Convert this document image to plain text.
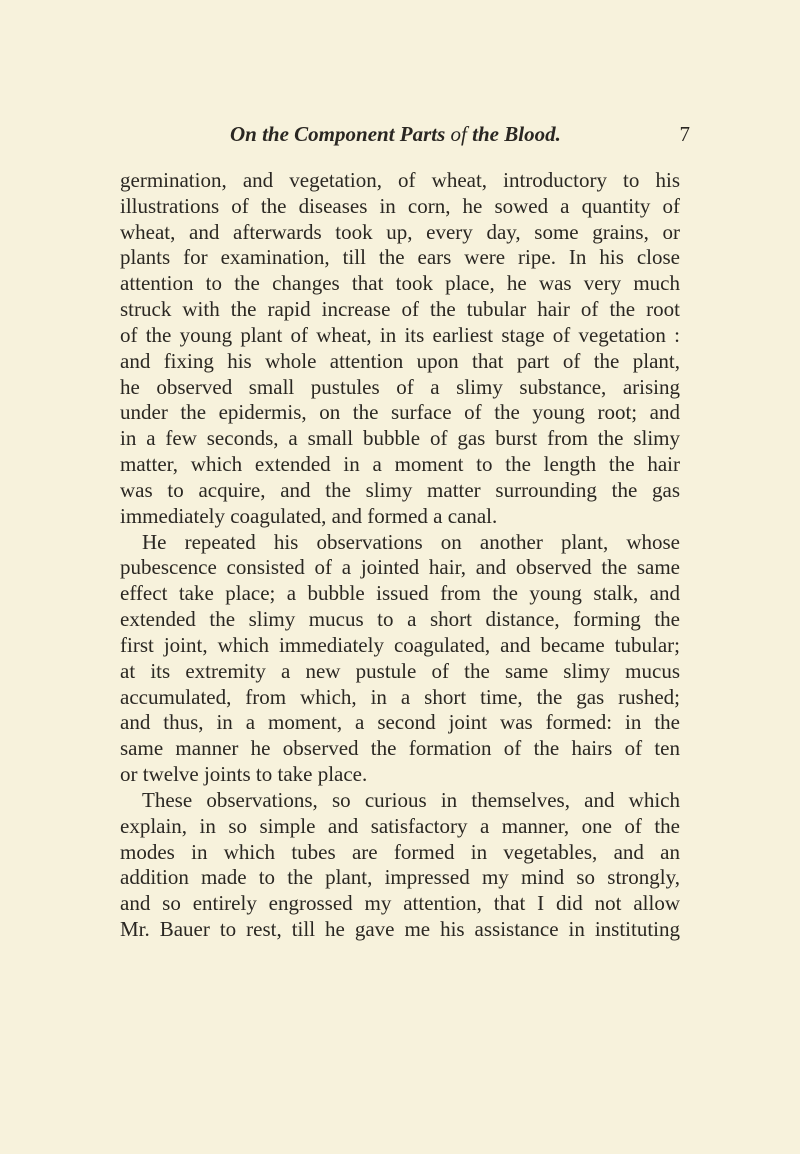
On the Component Parts of the Blood.	7
germination, and vegetation, of wheat, introductory to his
illustrations of the diseases in corn, he sowed a quantity of
wheat, and afterwards took up, every day, some grains, or
plants for examination, till the ears were ripe. In his close
attention to the changes that took place, he was very much
struck with the rapid increase of the tubular hair of the root
of the young plant of wheat, in its earliest stage of vegetation :
and fixing his whole attention upon that part of the plant,
he observed small pustules of a slimy substance, arising
under the epidermis, on the surface of the young root; and
in a few seconds, a small bubble of gas burst from the slimy
matter, which extended in a moment to the length the hair
was to acquire, and the slimy matter surrounding the gas
immediately coagulated, and formed a canal.
He repeated his observations on another plant, whose
pubescence consisted of a jointed hair, and observed the same
effect take place; a bubble issued from the young stalk, and
extended the slimy mucus to a short distance, forming the
first joint, which immediately coagulated, and became tubular;
at its extremity a new pustule of the same slimy mucus
accumulated, from which, in a short time, the gas rushed;
and thus, in a moment, a second joint was formed: in the
same manner he observed the formation of the hairs of ten
or twelve joints to take place.
These observations, so curious in themselves, and which
explain, in so simple and satisfactory a manner, one of the
modes in which tubes are formed in vegetables, and an
addition made to the plant, impressed my mind so strongly,
and so entirely engrossed my attention, that I did not allow
Mr. Bauer to rest, till he gave me his assistance in instituting
